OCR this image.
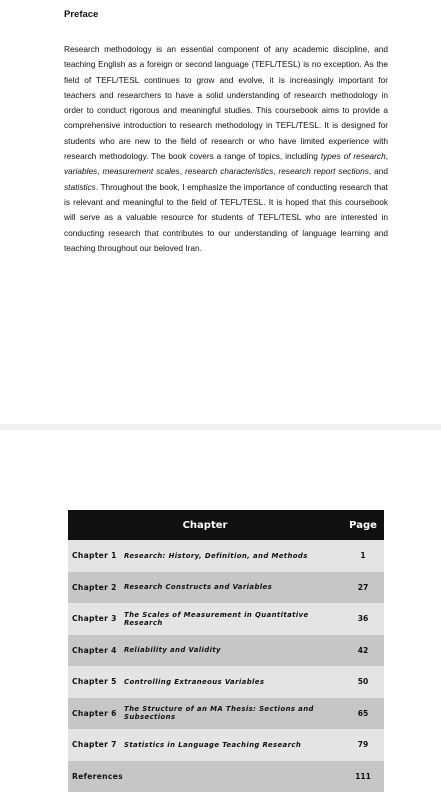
Preface

Research methodology is an essential component of any academic discipline, and teaching English as a foreign or second language (TEFL/TESL) is no exception. As the field of TEFL/TESL continues to grow and evolve, it is increasingly important for teachers and researchers to have a solid understanding of research methodology in order to conduct rigorous and meaningful studies. This coursebook aims to provide a comprehensive introduction to research methodology in TEFL/TESL. It is designed for students who are new to the field of research or who have limited experience with research methodology. The book covers a range of topics, including types of research, variables, measurement scales, research characteristics, research report sections, and statistics. Throughout the book, I emphasize the importance of conducting research that is relevant and meaningful to the field of TEFL/TESL. It is hoped that this coursebook will serve as a valuable resource for students of TEFL/TESL who are interested in conducting research that contributes to our understanding of language learning and teaching throughout our beloved Iran.

Chapter		Page
Chapter 1	Research: History, Definition, and Methods	1
Chapter 2	Research Constructs and Variables	27
Chapter 3	The Scales of Measurement in Quantitative Research	36
Chapter 4	Reliability and Validity	42
Chapter 5	Controlling Extraneous Variables	50
Chapter 6	The Structure of an MA Thesis: Sections and Subsections	65
Chapter 7	Statistics in Language Teaching Research	79
References		111
